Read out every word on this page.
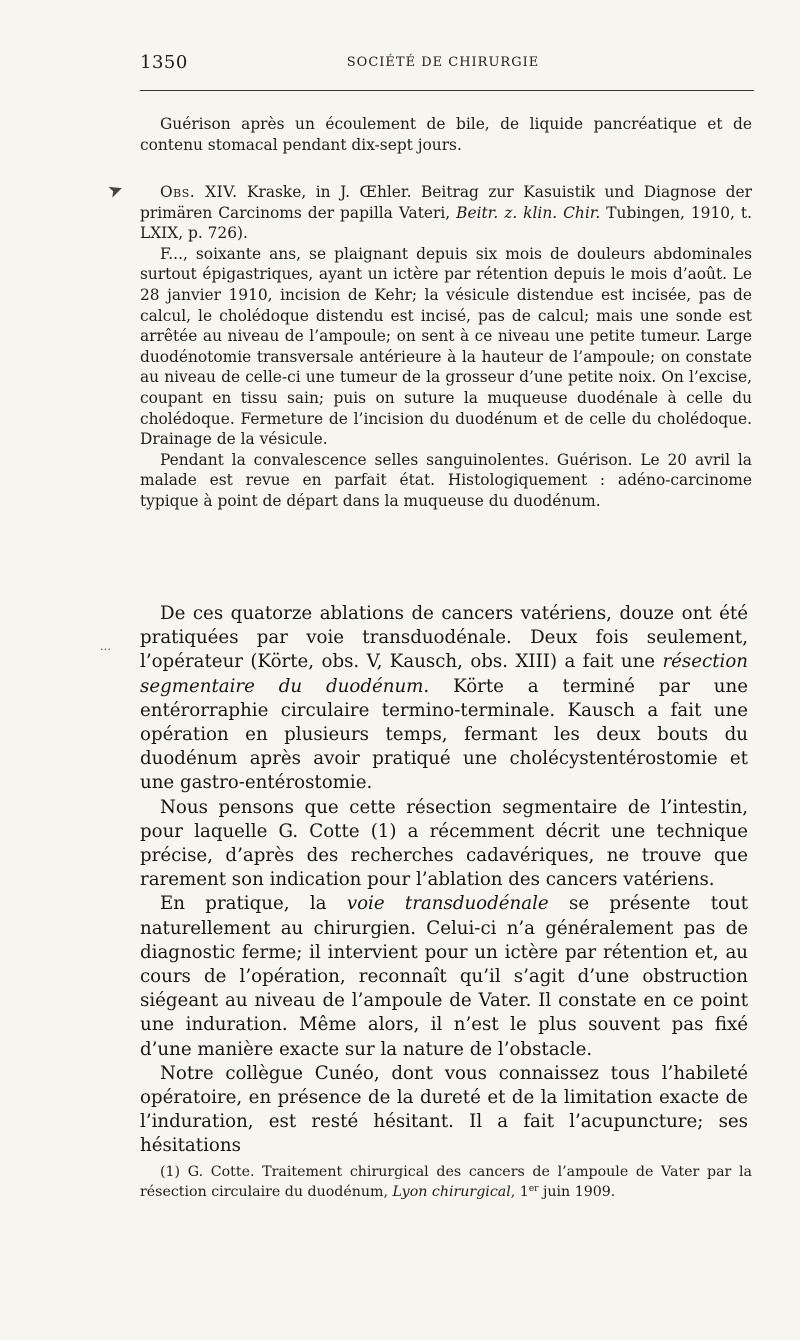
1350	SOCIÉTÉ DE CHIRURGIE

Guérison après un écoulement de bile, de liquide pancréatique et de contenu stomacal pendant dix-sept jours.

➤	Obs. XIV. Kraske, in J. Œhler. Beitrag zur Kasuistik und Diagnose der primären Carcinoms der papilla Vateri, Beitr. z. klin. Chir. Tubingen, 1910, t. LXIX, p. 726).

F..., soixante ans, se plaignant depuis six mois de douleurs abdominales surtout épigastriques, ayant un ictère par rétention depuis le mois d’août. Le 28 janvier 1910, incision de Kehr; la vésicule distendue est incisée, pas de calcul, le cholédoque distendu est incisé, pas de calcul; mais une sonde est arrêtée au niveau de l’ampoule; on sent à ce niveau une petite tumeur. Large duodénotomie transversale antérieure à la hauteur de l’ampoule; on constate au niveau de celle-ci une tumeur de la grosseur d’une petite noix. On l’excise, coupant en tissu sain; puis on suture la muqueuse duodénale à celle du cholédoque. Fermeture de l’incision du duodénum et de celle du cholédoque. Drainage de la vésicule.

Pendant la convalescence selles sanguinolentes. Guérison. Le 20 avril la malade est revue en parfait état. Histologiquement : adéno-carcinome typique à point de départ dans la muqueuse du duodénum.

…

De ces quatorze ablations de cancers vatériens, douze ont été pratiquées par voie transduodénale. Deux fois seulement, l’opérateur (Körte, obs. V, Kausch, obs. XIII) a fait une résection segmentaire du duodénum. Körte a terminé par une entérorraphie circulaire termino-terminale. Kausch a fait une opération en plusieurs temps, fermant les deux bouts du duodénum après avoir pratiqué une cholécystentérostomie et une gastro-entérostomie.

Nous pensons que cette résection segmentaire de l’intestin, pour laquelle G. Cotte (1) a récemment décrit une technique précise, d’après des recherches cadavériques, ne trouve que rarement son indication pour l’ablation des cancers vatériens.

En pratique, la voie transduodénale se présente tout naturellement au chirurgien. Celui-ci n’a généralement pas de diagnostic ferme; il intervient pour un ictère par rétention et, au cours de l’opération, reconnaît qu’il s’agit d’une obstruction siégeant au niveau de l’ampoule de Vater. Il constate en ce point une induration. Même alors, il n’est le plus souvent pas fixé d’une manière exacte sur la nature de l’obstacle.

Notre collègue Cunéo, dont vous connaissez tous l’habileté opératoire, en présence de la dureté et de la limitation exacte de l’induration, est resté hésitant. Il a fait l’acupuncture; ses hésitations

(1) G. Cotte. Traitement chirurgical des cancers de l’ampoule de Vater par la résection circulaire du duodénum, Lyon chirurgical, 1er juin 1909.
